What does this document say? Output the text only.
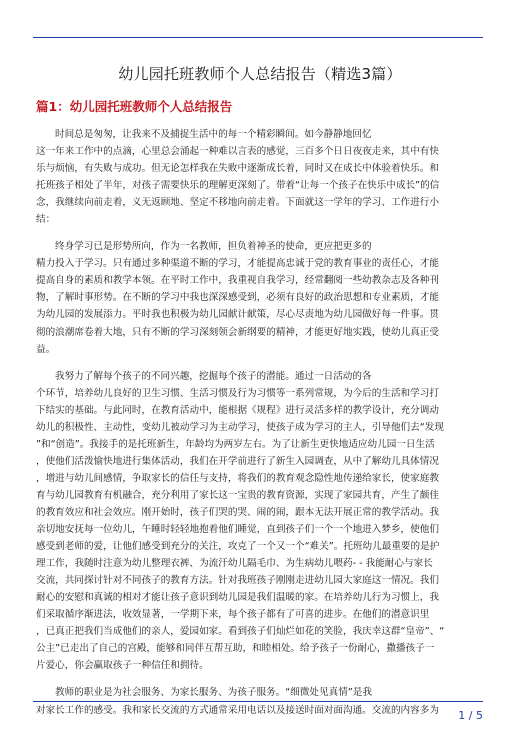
幼儿园托班教师个人总结报告（精选3篇）
篇1：幼儿园托班教师个人总结报告
时间总是匆匆，让我来不及捕捉生活中的每一个精彩瞬间。如今静静地回忆
这一年来工作中的点滴，心里总会涌起一种难以言表的感觉，三百多个日日夜夜走来，其中有快
乐与烦恼，有失败与成功。但无论怎样我在失败中逐渐成长着，同时又在成长中体验着快乐。和
托班孩子相处了半年，对孩子需要快乐的理解更深刻了。带着“让每一个孩子在快乐中成长”的信
念，我继续向前走着，义无返顾地、坚定不移地向前走着。下面就这一学年的学习、工作进行小
结：
终身学习已是形势所向，作为一名教师，担负着神圣的使命，更应把更多的
精力投入于学习。只有通过多种渠道不断的学习，才能提高忠诚于党的教育事业的责任心，才能
提高自身的素质和教学本领。在平时工作中，我重视自我学习，经常翻阅一些幼教杂志及各种刊
物，了解时事形势。在不断的学习中我也深深感受到，必须有良好的政治思想和专业素质，才能
为幼儿园的发展添力。平时我也积极为幼儿园献计献策，尽心尽责地为幼儿园做好每一件事。贯
彻的浪潮席卷着大地，只有不断的学习深刻领会新纲要的精神，才能更好地实践，使幼儿真正受
益。
我努力了解每个孩子的不同兴趣，挖掘每个孩子的潜能。通过一日活动的各
个环节，培养幼儿良好的卫生习惯、生活习惯及行为习惯等一系列常规，为今后的生活和学习打
下结实的基础。与此同时，在教育活动中，能根据《规程》进行灵活多样的教学设计，充分调动
幼儿的积极性、主动性，变幼儿被动学习为主动学习，使孩子成为学习的主人，引导他们去“发现
”和“创造”。我接手的是托班新生，年龄均为两岁左右。为了让新生更快地适应幼儿园一日生活
，使他们活泼愉快地进行集体活动，我们在开学前进行了新生入园调查，从中了解幼儿具体情况
，增进与幼儿间感情，争取家长的信任与支持，将我们的教育观念隐性地传递给家长，使家庭教
育与幼儿园教育有机融合，充分利用了家长这一宝贵的教育资源，实现了家园共育，产生了颇佳
的教育效应和社会效应。刚开始时，孩子们哭的哭、闹的闹，跟本无法开展正常的教学活动。我
亲切地安抚每一位幼儿，午睡时轻轻地抱着他们睡觉，直到孩子们一个一个地进入梦乡，使他们
感受到老师的爱，让他们感受到充分的关注，攻克了一个又一个“难关”。托班幼儿最重要的是护
理工作，我随时注意为幼儿整理衣裤、为流汗幼儿隔毛巾、为生病幼儿喂药- - 我能耐心与家长
交流，共同探讨针对不同孩子的教育方法。针对我班孩子刚刚走进幼儿园大家庭这一情况。我们
耐心的安慰和真诚的相对才能让孩子意识到幼儿园是我们温暖的家。在培养幼儿行为习惯上，我
们采取循序渐进法，收效显著，一学期下来，每个孩子都有了可喜的进步。在他们的潜意识里
，已真正把我们当成他们的亲人，爱园如家。看到孩子们灿烂如花的笑脸，我庆幸这群“皇帝”、“
公主”已走出了自己的宫殿，能够和同伴互帮互助，和睦相处。给予孩子一份耐心，撒播孩子一
片爱心，你会赢取孩子一种信任和拥待。
教师的职业是为社会服务、为家长服务、为孩子服务。“细微处见真情”是我
对家长工作的感受。我和家长交流的方式通常采用电话以及接送时面对面沟通。交流的内容多为	1 / 5
